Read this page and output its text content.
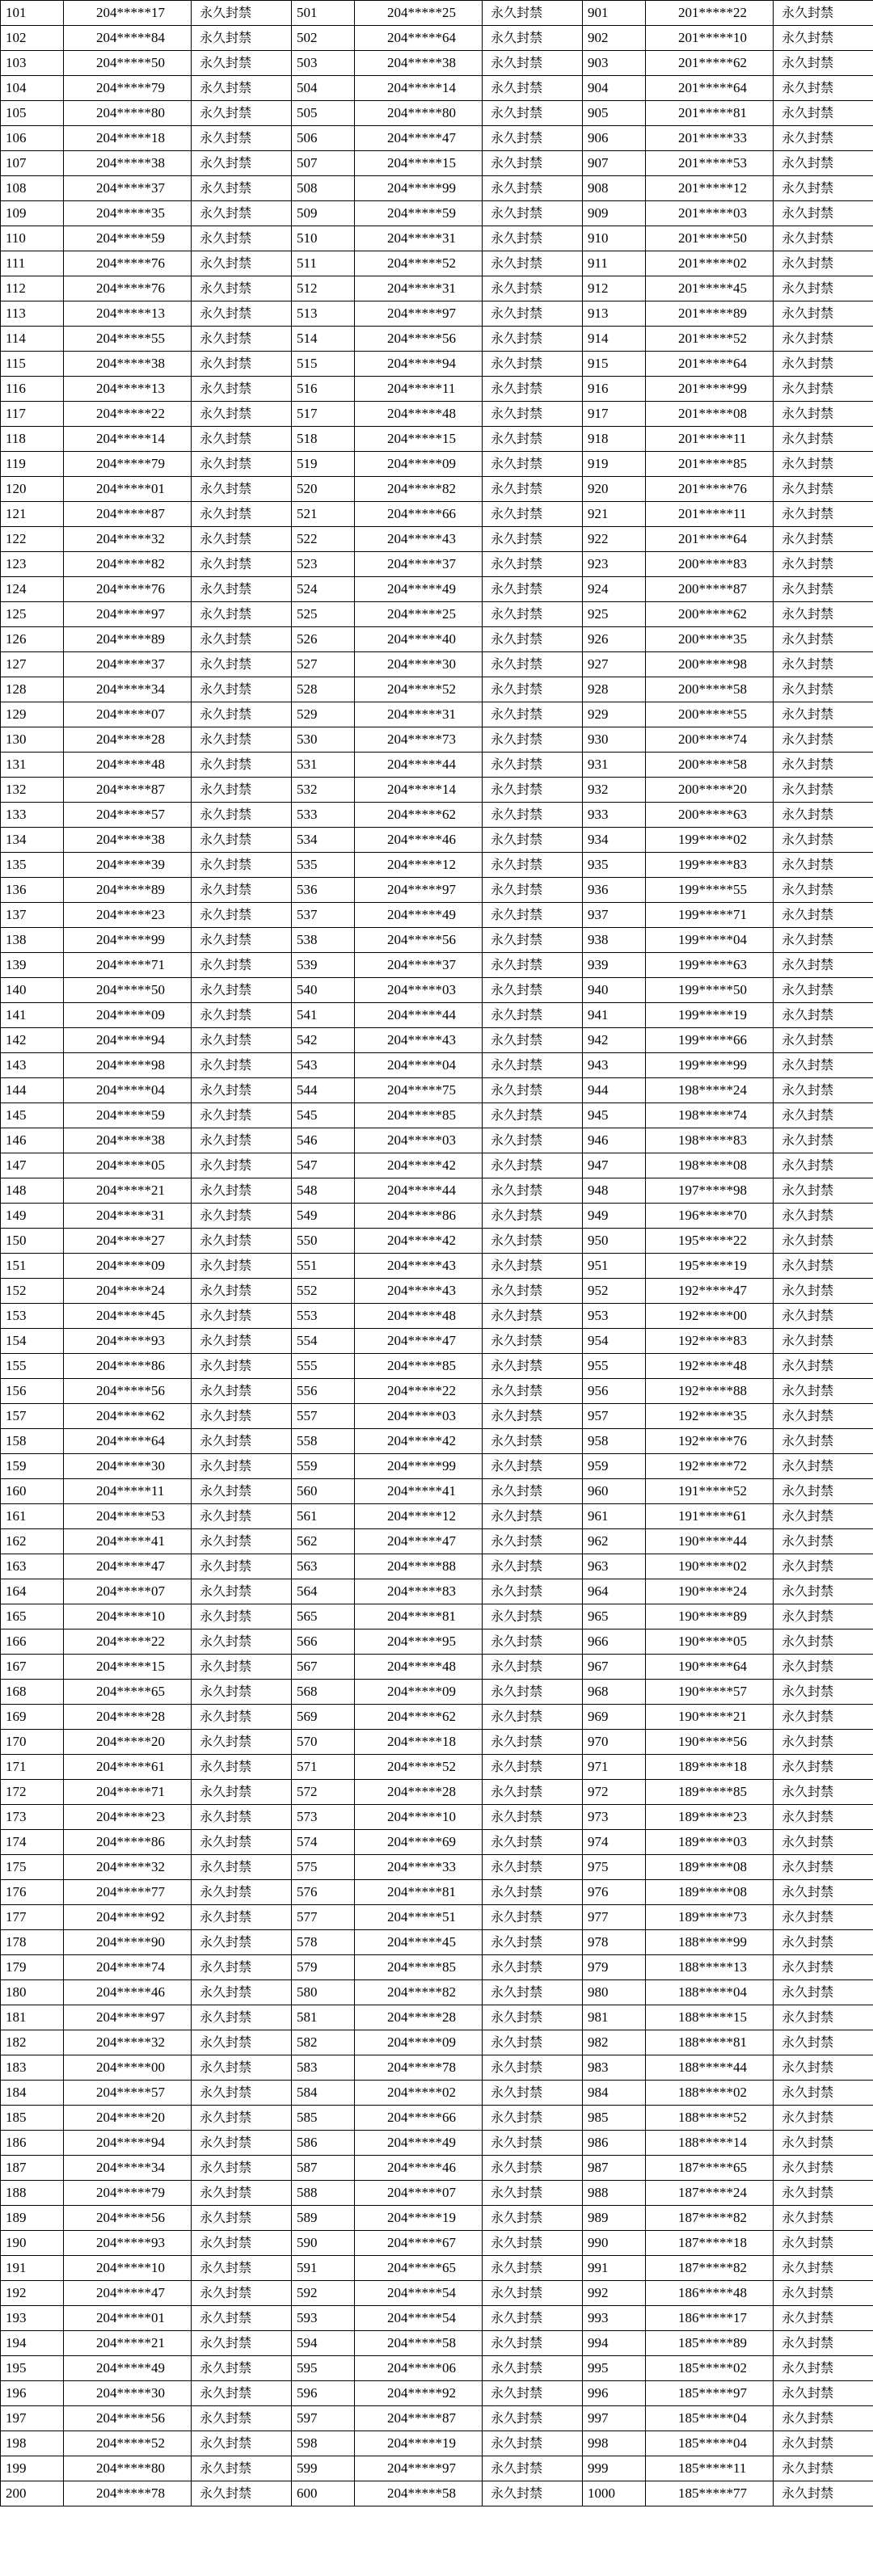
101	204*****17	永久封禁	501	204*****25	永久封禁	901	201*****22	永久封禁
102	204*****84	永久封禁	502	204*****64	永久封禁	902	201*****10	永久封禁
103	204*****50	永久封禁	503	204*****38	永久封禁	903	201*****62	永久封禁
104	204*****79	永久封禁	504	204*****14	永久封禁	904	201*****64	永久封禁
105	204*****80	永久封禁	505	204*****80	永久封禁	905	201*****81	永久封禁
106	204*****18	永久封禁	506	204*****47	永久封禁	906	201*****33	永久封禁
107	204*****38	永久封禁	507	204*****15	永久封禁	907	201*****53	永久封禁
108	204*****37	永久封禁	508	204*****99	永久封禁	908	201*****12	永久封禁
109	204*****35	永久封禁	509	204*****59	永久封禁	909	201*****03	永久封禁
110	204*****59	永久封禁	510	204*****31	永久封禁	910	201*****50	永久封禁
111	204*****76	永久封禁	511	204*****52	永久封禁	911	201*****02	永久封禁
112	204*****76	永久封禁	512	204*****31	永久封禁	912	201*****45	永久封禁
113	204*****13	永久封禁	513	204*****97	永久封禁	913	201*****89	永久封禁
114	204*****55	永久封禁	514	204*****56	永久封禁	914	201*****52	永久封禁
115	204*****38	永久封禁	515	204*****94	永久封禁	915	201*****64	永久封禁
116	204*****13	永久封禁	516	204*****11	永久封禁	916	201*****99	永久封禁
117	204*****22	永久封禁	517	204*****48	永久封禁	917	201*****08	永久封禁
118	204*****14	永久封禁	518	204*****15	永久封禁	918	201*****11	永久封禁
119	204*****79	永久封禁	519	204*****09	永久封禁	919	201*****85	永久封禁
120	204*****01	永久封禁	520	204*****82	永久封禁	920	201*****76	永久封禁
121	204*****87	永久封禁	521	204*****66	永久封禁	921	201*****11	永久封禁
122	204*****32	永久封禁	522	204*****43	永久封禁	922	201*****64	永久封禁
123	204*****82	永久封禁	523	204*****37	永久封禁	923	200*****83	永久封禁
124	204*****76	永久封禁	524	204*****49	永久封禁	924	200*****87	永久封禁
125	204*****97	永久封禁	525	204*****25	永久封禁	925	200*****62	永久封禁
126	204*****89	永久封禁	526	204*****40	永久封禁	926	200*****35	永久封禁
127	204*****37	永久封禁	527	204*****30	永久封禁	927	200*****98	永久封禁
128	204*****34	永久封禁	528	204*****52	永久封禁	928	200*****58	永久封禁
129	204*****07	永久封禁	529	204*****31	永久封禁	929	200*****55	永久封禁
130	204*****28	永久封禁	530	204*****73	永久封禁	930	200*****74	永久封禁
131	204*****48	永久封禁	531	204*****44	永久封禁	931	200*****58	永久封禁
132	204*****87	永久封禁	532	204*****14	永久封禁	932	200*****20	永久封禁
133	204*****57	永久封禁	533	204*****62	永久封禁	933	200*****63	永久封禁
134	204*****38	永久封禁	534	204*****46	永久封禁	934	199*****02	永久封禁
135	204*****39	永久封禁	535	204*****12	永久封禁	935	199*****83	永久封禁
136	204*****89	永久封禁	536	204*****97	永久封禁	936	199*****55	永久封禁
137	204*****23	永久封禁	537	204*****49	永久封禁	937	199*****71	永久封禁
138	204*****99	永久封禁	538	204*****56	永久封禁	938	199*****04	永久封禁
139	204*****71	永久封禁	539	204*****37	永久封禁	939	199*****63	永久封禁
140	204*****50	永久封禁	540	204*****03	永久封禁	940	199*****50	永久封禁
141	204*****09	永久封禁	541	204*****44	永久封禁	941	199*****19	永久封禁
142	204*****94	永久封禁	542	204*****43	永久封禁	942	199*****66	永久封禁
143	204*****98	永久封禁	543	204*****04	永久封禁	943	199*****99	永久封禁
144	204*****04	永久封禁	544	204*****75	永久封禁	944	198*****24	永久封禁
145	204*****59	永久封禁	545	204*****85	永久封禁	945	198*****74	永久封禁
146	204*****38	永久封禁	546	204*****03	永久封禁	946	198*****83	永久封禁
147	204*****05	永久封禁	547	204*****42	永久封禁	947	198*****08	永久封禁
148	204*****21	永久封禁	548	204*****44	永久封禁	948	197*****98	永久封禁
149	204*****31	永久封禁	549	204*****86	永久封禁	949	196*****70	永久封禁
150	204*****27	永久封禁	550	204*****42	永久封禁	950	195*****22	永久封禁
151	204*****09	永久封禁	551	204*****43	永久封禁	951	195*****19	永久封禁
152	204*****24	永久封禁	552	204*****43	永久封禁	952	192*****47	永久封禁
153	204*****45	永久封禁	553	204*****48	永久封禁	953	192*****00	永久封禁
154	204*****93	永久封禁	554	204*****47	永久封禁	954	192*****83	永久封禁
155	204*****86	永久封禁	555	204*****85	永久封禁	955	192*****48	永久封禁
156	204*****56	永久封禁	556	204*****22	永久封禁	956	192*****88	永久封禁
157	204*****62	永久封禁	557	204*****03	永久封禁	957	192*****35	永久封禁
158	204*****64	永久封禁	558	204*****42	永久封禁	958	192*****76	永久封禁
159	204*****30	永久封禁	559	204*****99	永久封禁	959	192*****72	永久封禁
160	204*****11	永久封禁	560	204*****41	永久封禁	960	191*****52	永久封禁
161	204*****53	永久封禁	561	204*****12	永久封禁	961	191*****61	永久封禁
162	204*****41	永久封禁	562	204*****47	永久封禁	962	190*****44	永久封禁
163	204*****47	永久封禁	563	204*****88	永久封禁	963	190*****02	永久封禁
164	204*****07	永久封禁	564	204*****83	永久封禁	964	190*****24	永久封禁
165	204*****10	永久封禁	565	204*****81	永久封禁	965	190*****89	永久封禁
166	204*****22	永久封禁	566	204*****95	永久封禁	966	190*****05	永久封禁
167	204*****15	永久封禁	567	204*****48	永久封禁	967	190*****64	永久封禁
168	204*****65	永久封禁	568	204*****09	永久封禁	968	190*****57	永久封禁
169	204*****28	永久封禁	569	204*****62	永久封禁	969	190*****21	永久封禁
170	204*****20	永久封禁	570	204*****18	永久封禁	970	190*****56	永久封禁
171	204*****61	永久封禁	571	204*****52	永久封禁	971	189*****18	永久封禁
172	204*****71	永久封禁	572	204*****28	永久封禁	972	189*****85	永久封禁
173	204*****23	永久封禁	573	204*****10	永久封禁	973	189*****23	永久封禁
174	204*****86	永久封禁	574	204*****69	永久封禁	974	189*****03	永久封禁
175	204*****32	永久封禁	575	204*****33	永久封禁	975	189*****08	永久封禁
176	204*****77	永久封禁	576	204*****81	永久封禁	976	189*****08	永久封禁
177	204*****92	永久封禁	577	204*****51	永久封禁	977	189*****73	永久封禁
178	204*****90	永久封禁	578	204*****45	永久封禁	978	188*****99	永久封禁
179	204*****74	永久封禁	579	204*****85	永久封禁	979	188*****13	永久封禁
180	204*****46	永久封禁	580	204*****82	永久封禁	980	188*****04	永久封禁
181	204*****97	永久封禁	581	204*****28	永久封禁	981	188*****15	永久封禁
182	204*****32	永久封禁	582	204*****09	永久封禁	982	188*****81	永久封禁
183	204*****00	永久封禁	583	204*****78	永久封禁	983	188*****44	永久封禁
184	204*****57	永久封禁	584	204*****02	永久封禁	984	188*****02	永久封禁
185	204*****20	永久封禁	585	204*****66	永久封禁	985	188*****52	永久封禁
186	204*****94	永久封禁	586	204*****49	永久封禁	986	188*****14	永久封禁
187	204*****34	永久封禁	587	204*****46	永久封禁	987	187*****65	永久封禁
188	204*****79	永久封禁	588	204*****07	永久封禁	988	187*****24	永久封禁
189	204*****56	永久封禁	589	204*****19	永久封禁	989	187*****82	永久封禁
190	204*****93	永久封禁	590	204*****67	永久封禁	990	187*****18	永久封禁
191	204*****10	永久封禁	591	204*****65	永久封禁	991	187*****82	永久封禁
192	204*****47	永久封禁	592	204*****54	永久封禁	992	186*****48	永久封禁
193	204*****01	永久封禁	593	204*****54	永久封禁	993	186*****17	永久封禁
194	204*****21	永久封禁	594	204*****58	永久封禁	994	185*****89	永久封禁
195	204*****49	永久封禁	595	204*****06	永久封禁	995	185*****02	永久封禁
196	204*****30	永久封禁	596	204*****92	永久封禁	996	185*****97	永久封禁
197	204*****56	永久封禁	597	204*****87	永久封禁	997	185*****04	永久封禁
198	204*****52	永久封禁	598	204*****19	永久封禁	998	185*****04	永久封禁
199	204*****80	永久封禁	599	204*****97	永久封禁	999	185*****11	永久封禁
200	204*****78	永久封禁	600	204*****58	永久封禁	1000	185*****77	永久封禁
